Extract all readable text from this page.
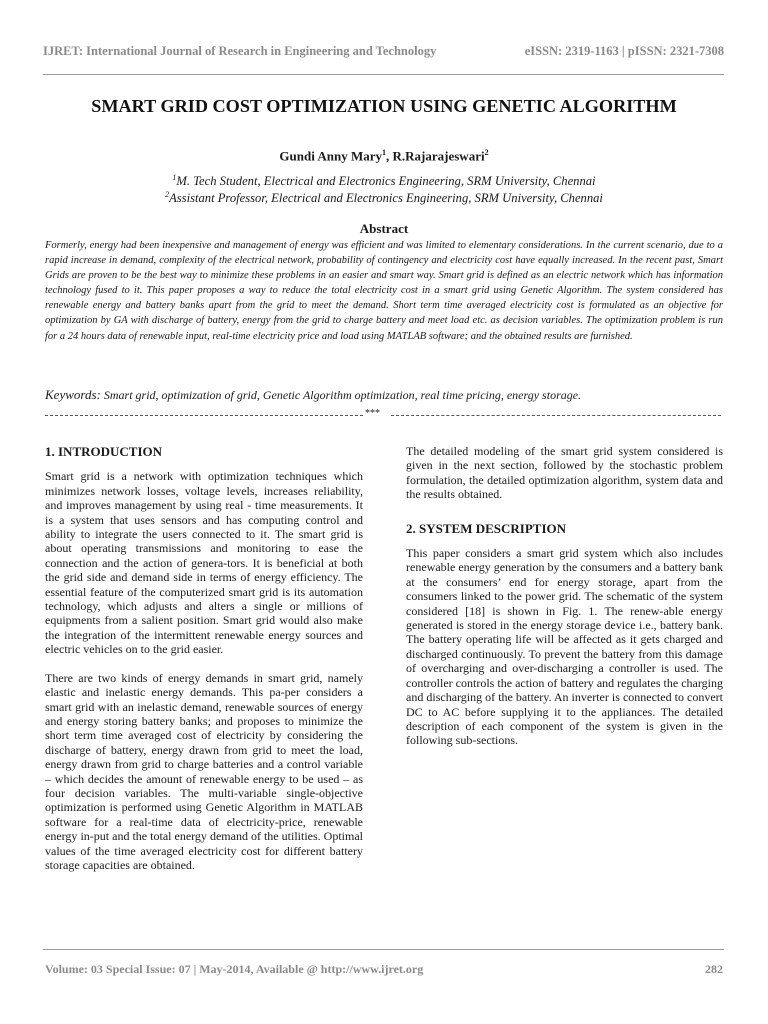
IJRET: International Journal of Research in Engineering and Technology	eISSN: 2319-1163 | pISSN: 2321-7308
SMART GRID COST OPTIMIZATION USING GENETIC ALGORITHM
Gundi Anny Mary$^1$, R.Rajarajeswari$^2$
$^1$M. Tech Student, Electrical and Electronics Engineering, SRM University, Chennai
$^2$Assistant Professor, Electrical and Electronics Engineering, SRM University, Chennai
Abstract
Formerly, energy had been inexpensive and management of energy was efficient and was limited to elementary considerations. In the current scenario, due to a rapid increase in demand, complexity of the electrical network, probability of contingency and electricity cost have equally increased. In the recent past, Smart Grids are proven to be the best way to minimize these problems in an easier and smart way. Smart grid is defined as an electric network which has information technology fused to it. This paper proposes a way to reduce the total electricity cost in a smart grid using Genetic Algorithm. The system considered has renewable energy and battery banks apart from the grid to meet the demand. Short term time averaged electricity cost is formulated as an objective for optimization by GA with discharge of battery, energy from the grid to charge battery and meet load etc. as decision variables. The optimization problem is run for a 24 hours data of renewable input, real-time electricity price and load using MATLAB software; and the obtained results are furnished.
Keywords: Smart grid, optimization of grid, Genetic Algorithm optimization, real time pricing, energy storage.
***
1. INTRODUCTION

Smart grid is a network with optimization techniques which minimizes network losses, voltage levels, increases reliability, and improves management by using real - time measurements. It is a system that uses sensors and has computing control and ability to integrate the users connected to it. The smart grid is about operating transmissions and monitoring to ease the connection and the action of genera-tors. It is beneficial at both the grid side and demand side in terms of energy efficiency. The essential feature of the computerized smart grid is its automation technology, which adjusts and alters a single or millions of equipments from a salient position. Smart grid would also make the integration of the intermittent renewable energy sources and electric vehicles on to the grid easier.

There are two kinds of energy demands in smart grid, namely elastic and inelastic energy demands. This pa-per considers a smart grid with an inelastic demand, renewable sources of energy and energy storing battery banks; and proposes to minimize the short term time averaged cost of electricity by considering the discharge of battery, energy drawn from grid to meet the load, energy drawn from grid to charge batteries and a control variable – which decides the amount of renewable energy to be used – as four decision variables. The multi-variable single-objective optimization is performed using Genetic Algorithm in MATLAB software for a real-time data of electricity-price, renewable energy in-put and the total energy demand of the utilities. Optimal values of the time averaged electricity cost for different battery storage capacities are obtained.

The detailed modeling of the smart grid system considered is given in the next section, followed by the stochastic problem formulation, the detailed optimization algorithm, system data and the results obtained.

2. SYSTEM DESCRIPTION

This paper considers a smart grid system which also includes renewable energy generation by the consumers and a battery bank at the consumers’ end for energy storage, apart from the consumers linked to the power grid. The schematic of the system considered [18] is shown in Fig. 1. The renew-able energy generated is stored in the energy storage device i.e., battery bank. The battery operating life will be affected as it gets charged and discharged continuously. To prevent the battery from this damage of overcharging and over-discharging a controller is used. The controller controls the action of battery and regulates the charging and discharging of the battery. An inverter is connected to convert DC to AC before supplying it to the appliances. The detailed description of each component of the system is given in the following sub-sections.

Volume: 03 Special Issue: 07 | May-2014, Available @ http://www.ijret.org	282
